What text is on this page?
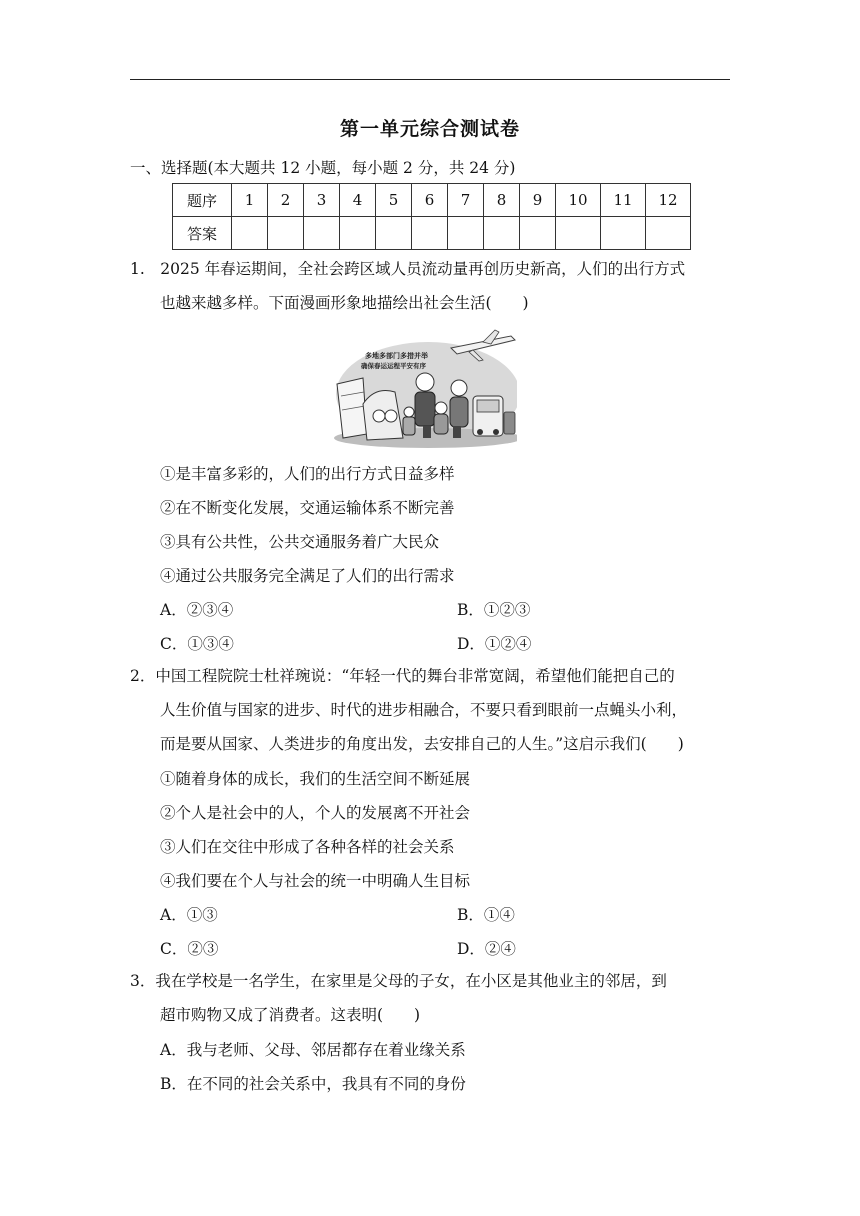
第一单元综合测试卷
一、选择题(本大题共 12 小题，每小题 2 分，共 24 分)
题序	1	2	3	4	5	6	7	8	9	10	11	12
答案												
1.　2025 年春运期间，全社会跨区域人员流动量再创历史新高，人们的出行方式
也越来越多样。下面漫画形象地描绘出社会生活(　　)
多地多部门多措并举
确保春运运程平安有序
①是丰富多彩的，人们的出行方式日益多样
②在不断变化发展，交通运输体系不断完善
③具有公共性，公共交通服务着广大民众
④通过公共服务完全满足了人们的出行需求
A．②③④	B．①②③
C．①③④	D．①②④
2．中国工程院院士杜祥琬说：“年轻一代的舞台非常宽阔，希望他们能把自己的
人生价值与国家的进步、时代的进步相融合，不要只看到眼前一点蝇头小利，
而是要从国家、人类进步的角度出发，去安排自己的人生。”这启示我们(　　)
①随着身体的成长，我们的生活空间不断延展
②个人是社会中的人，个人的发展离不开社会
③人们在交往中形成了各种各样的社会关系
④我们要在个人与社会的统一中明确人生目标
A．①③	B．①④
C．②③	D．②④
3．我在学校是一名学生，在家里是父母的子女，在小区是其他业主的邻居，到
超市购物又成了消费者。这表明(　　)
A．我与老师、父母、邻居都存在着业缘关系
B．在不同的社会关系中，我具有不同的身份
